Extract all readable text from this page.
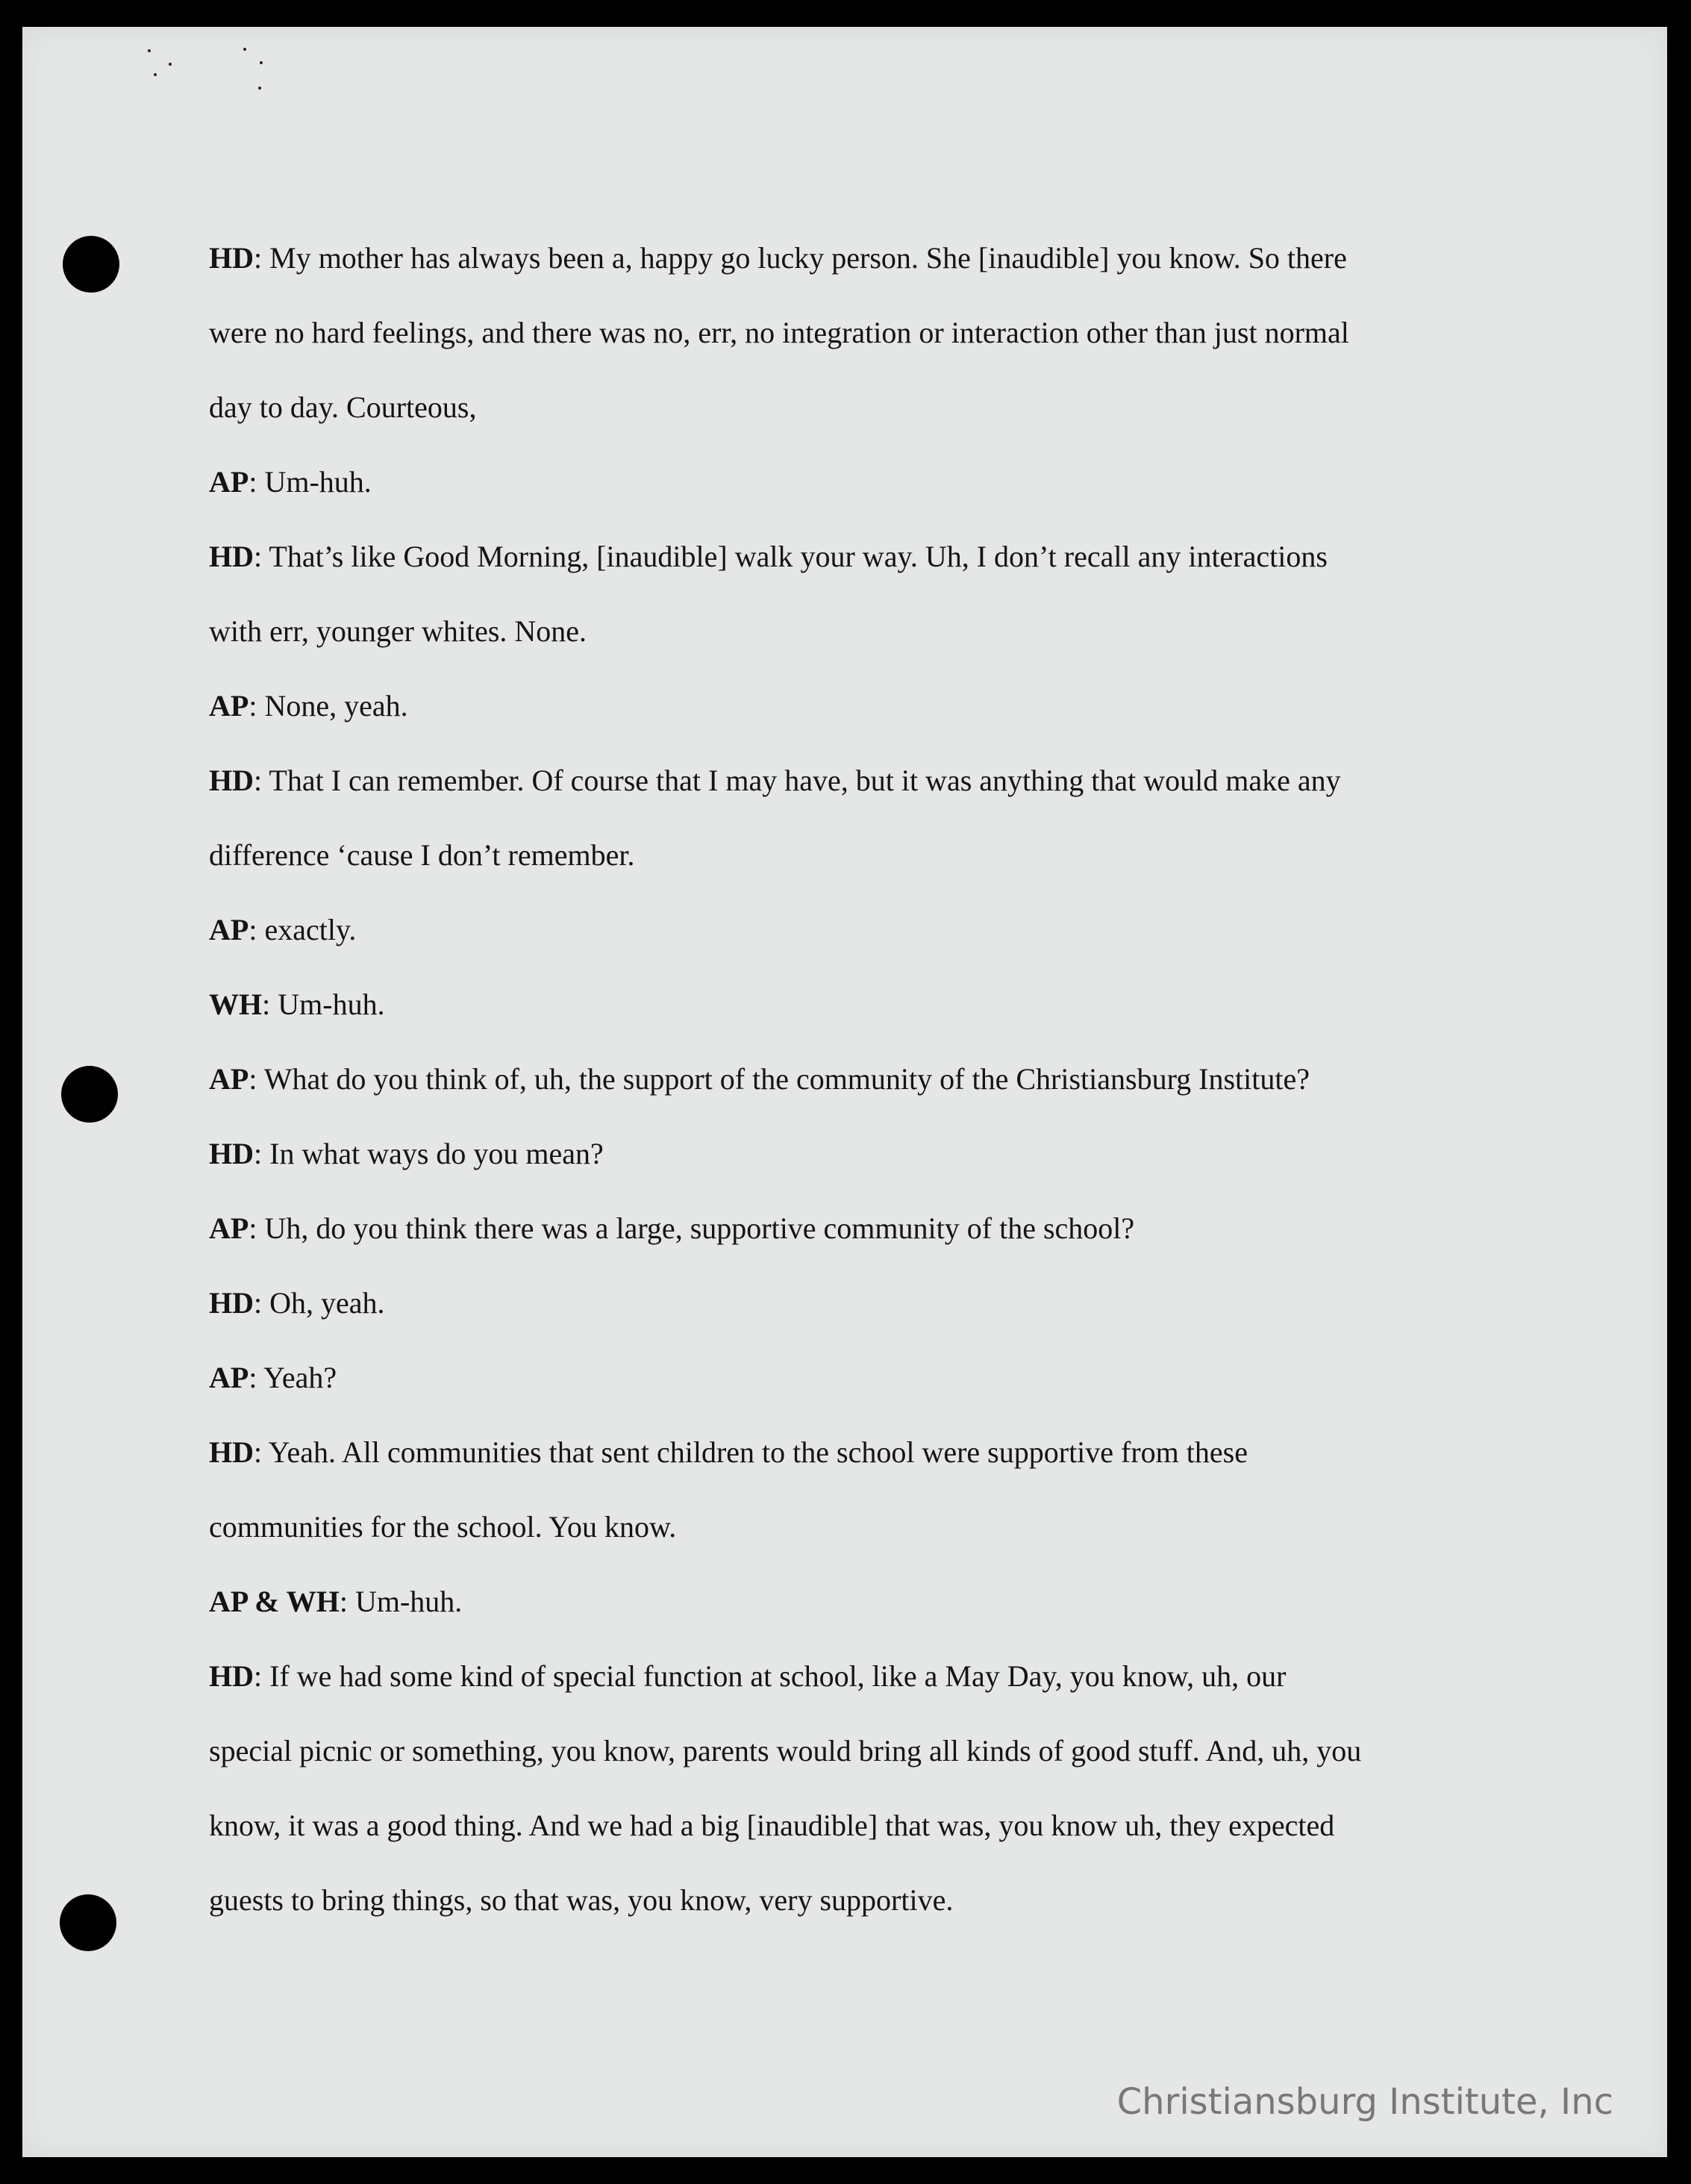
HD: My mother has always been a, happy go lucky person. She [inaudible] you know. So there

were no hard feelings, and there was no, err, no integration or interaction other than just normal

day to day. Courteous,

AP: Um-huh.

HD: That’s like Good Morning, [inaudible] walk your way. Uh, I don’t recall any interactions

with err, younger whites. None.

AP: None, yeah.

HD: That I can remember. Of course that I may have, but it was anything that would make any

difference ‘cause I don’t remember.

AP: exactly.

WH: Um-huh.

AP: What do you think of, uh, the support of the community of the Christiansburg Institute?

HD: In what ways do you mean?

AP: Uh, do you think there was a large, supportive community of the school?

HD: Oh, yeah.

AP: Yeah?

HD: Yeah. All communities that sent children to the school were supportive from these

communities for the school. You know.

AP & WH: Um-huh.

HD: If we had some kind of special function at school, like a May Day, you know, uh, our

special picnic or something, you know, parents would bring all kinds of good stuff. And, uh, you

know, it was a good thing. And we had a big [inaudible] that was, you know uh, they expected

guests to bring things, so that was, you know, very supportive.

Christiansburg Institute, Inc
